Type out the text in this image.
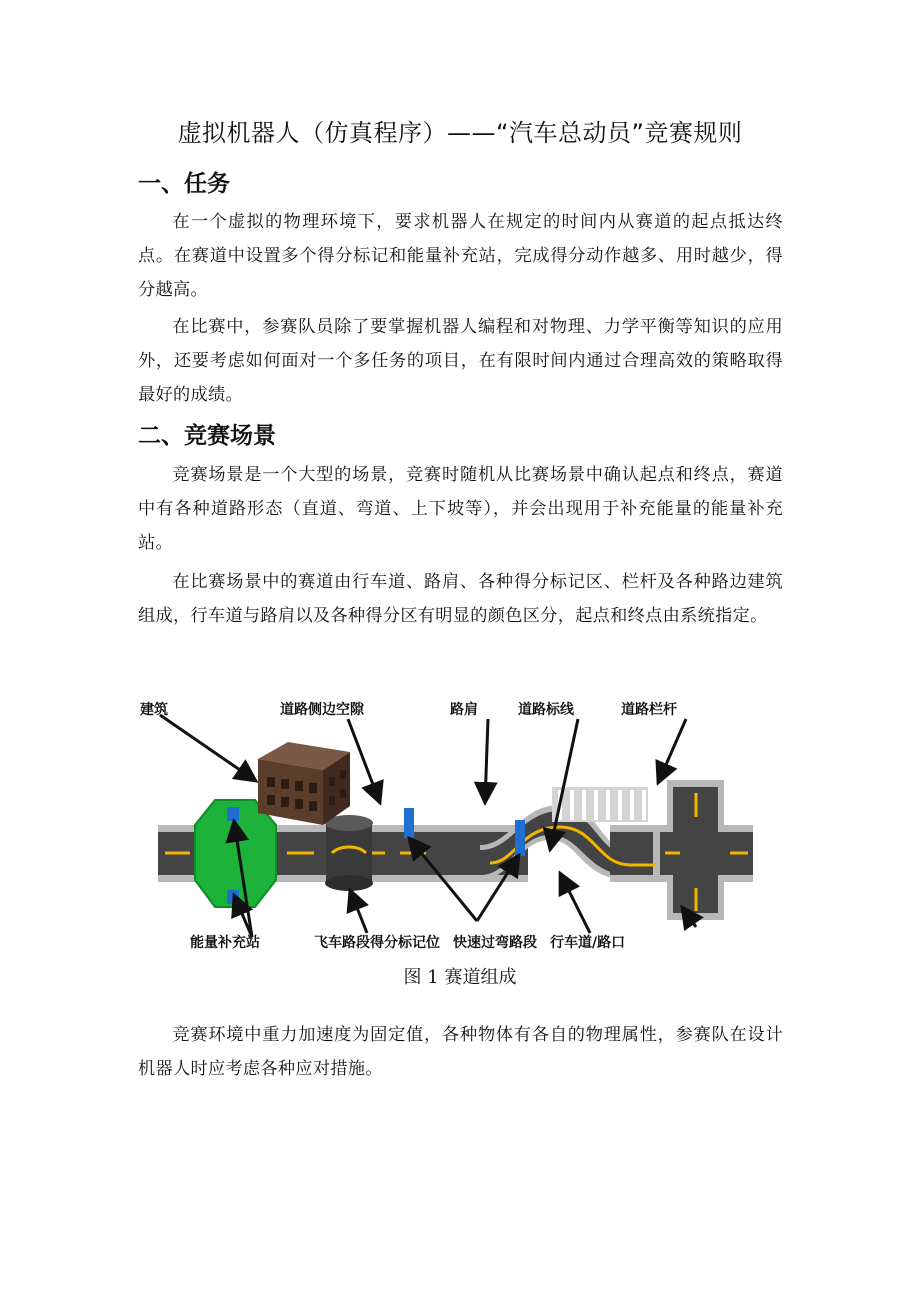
虚拟机器人（仿真程序）——“汽车总动员”竞赛规则
一、任务

在一个虚拟的物理环境下，要求机器人在规定的时间内从赛道的起点抵达终点。在赛道中设置多个得分标记和能量补充站，完成得分动作越多、用时越少，得分越高。

在比赛中，参赛队员除了要掌握机器人编程和对物理、力学平衡等知识的应用外，还要考虑如何面对一个多任务的项目，在有限时间内通过合理高效的策略取得最好的成绩。

二、竞赛场景

竞赛场景是一个大型的场景，竞赛时随机从比赛场景中确认起点和终点，赛道中有各种道路形态（直道、弯道、上下坡等），并会出现用于补充能量的能量补充站。

在比赛场景中的赛道由行车道、路肩、各种得分标记区、栏杆及各种路边建筑组成，行车道与路肩以及各种得分区有明显的颜色区分，起点和终点由系统指定。

建筑	道路侧边空隙	路肩	道路标线	道路栏杆
能量补充站	飞车路段 得分标记位 快速过弯路段 行车道/路口
图 1 赛道组成

竞赛环境中重力加速度为固定值，各种物体有各自的物理属性，参赛队在设计机器人时应考虑各种应对措施。
